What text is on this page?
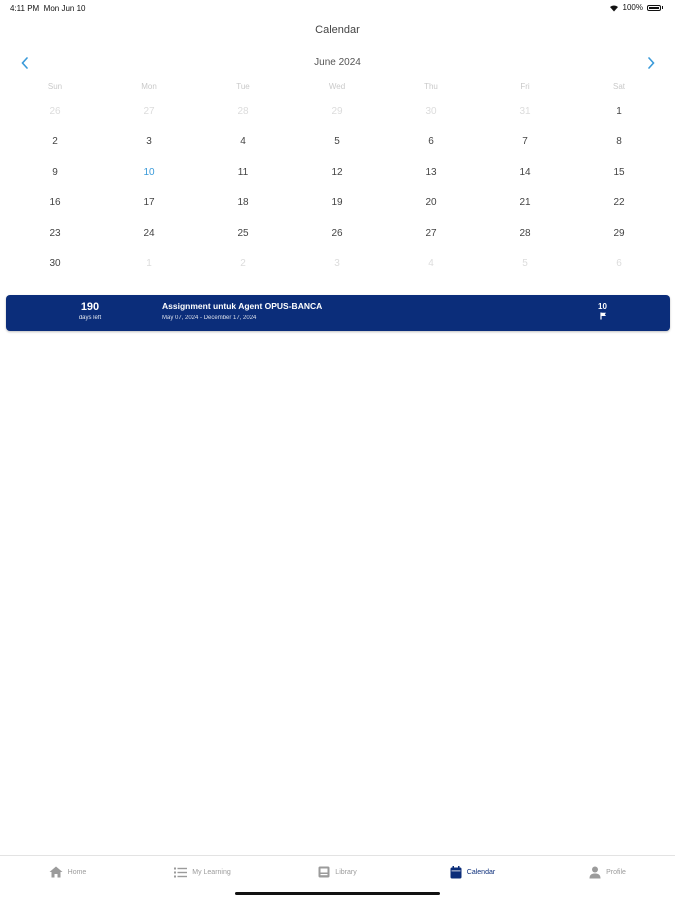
4:11 PM Mon Jun 10	100%
Calendar
June 2024
Sun	Mon	Tue	Wed	Thu	Fri	Sat
26	27	28	29	30	31	1
2	3	4	5	6	7	8
9	10	11	12	13	14	15
16	17	18	19	20	21	22
23	24	25	26	27	28	29
30	1	2	3	4	5	6
190
days left
Assignment untuk Agent OPUS-BANCA
May 07, 2024 - December 17, 2024
10
Home	My Learning	Library	Calendar	Profile
